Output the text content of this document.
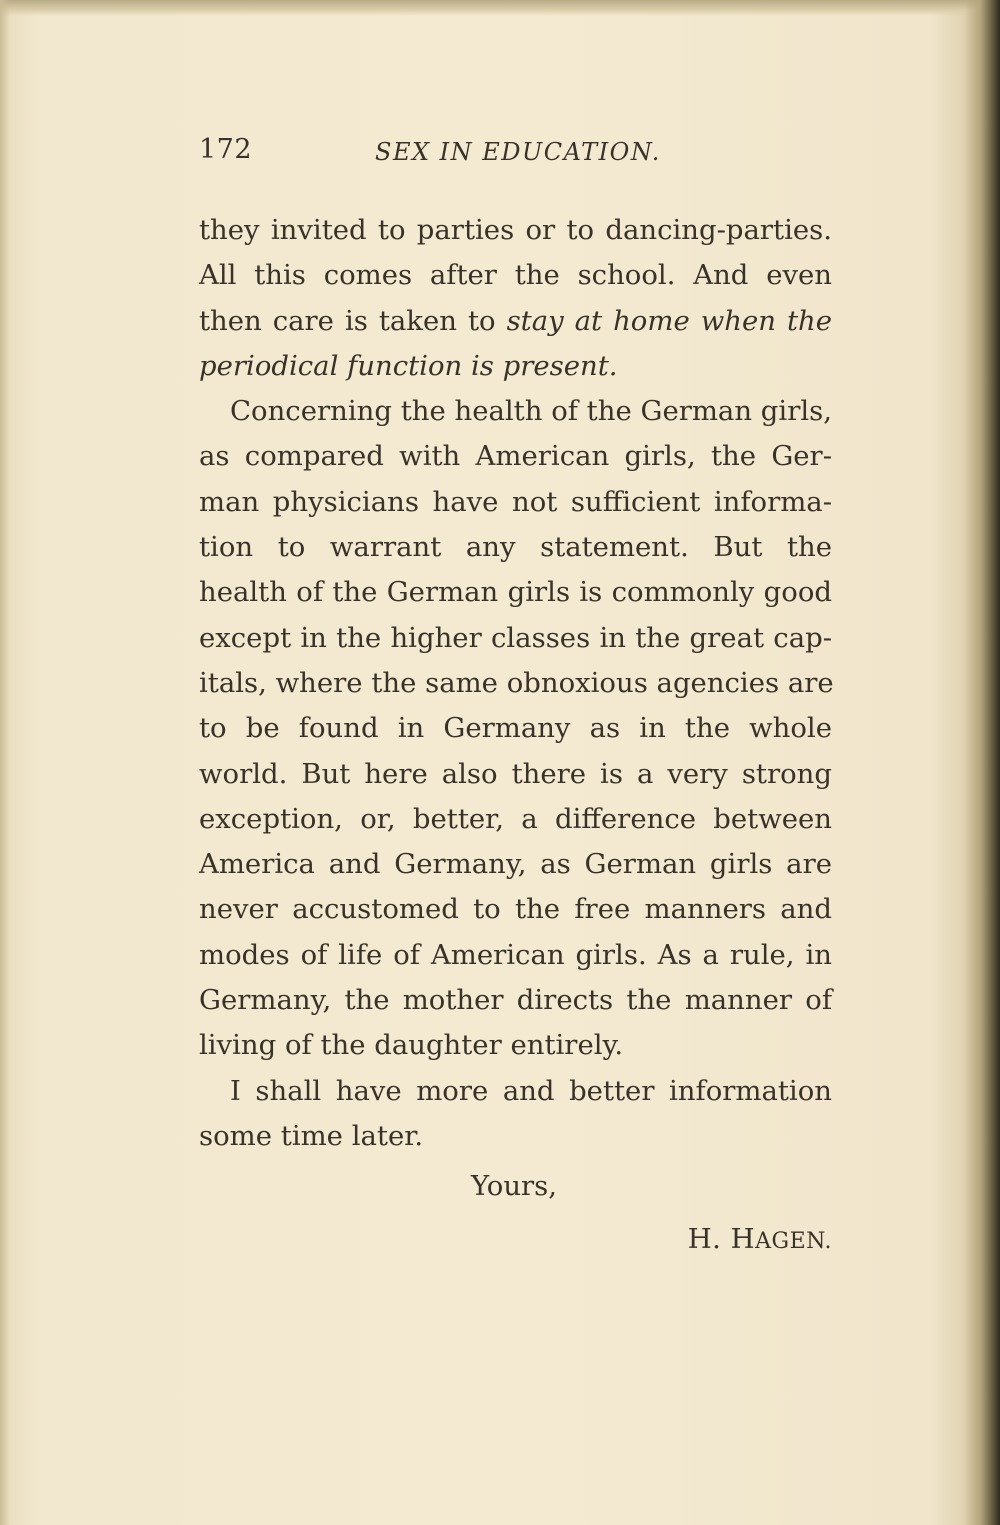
172	SEX IN EDUCATION.
they invited to parties or to dancing-parties.
All this comes after the school. And even
then care is taken to stay at home when the
periodical function is present.
Concerning the health of the German girls,
as compared with American girls, the Ger-
man physicians have not sufficient informa-
tion to warrant any statement. But the
health of the German girls is commonly good
except in the higher classes in the great cap-
itals, where the same obnoxious agencies are
to be found in Germany as in the whole
world. But here also there is a very strong
exception, or, better, a difference between
America and Germany, as German girls are
never accustomed to the free manners and
modes of life of American girls. As a rule, in
Germany, the mother directs the manner of
living of the daughter entirely.
I shall have more and better information
some time later.
Yours,
H. HAGEN.
